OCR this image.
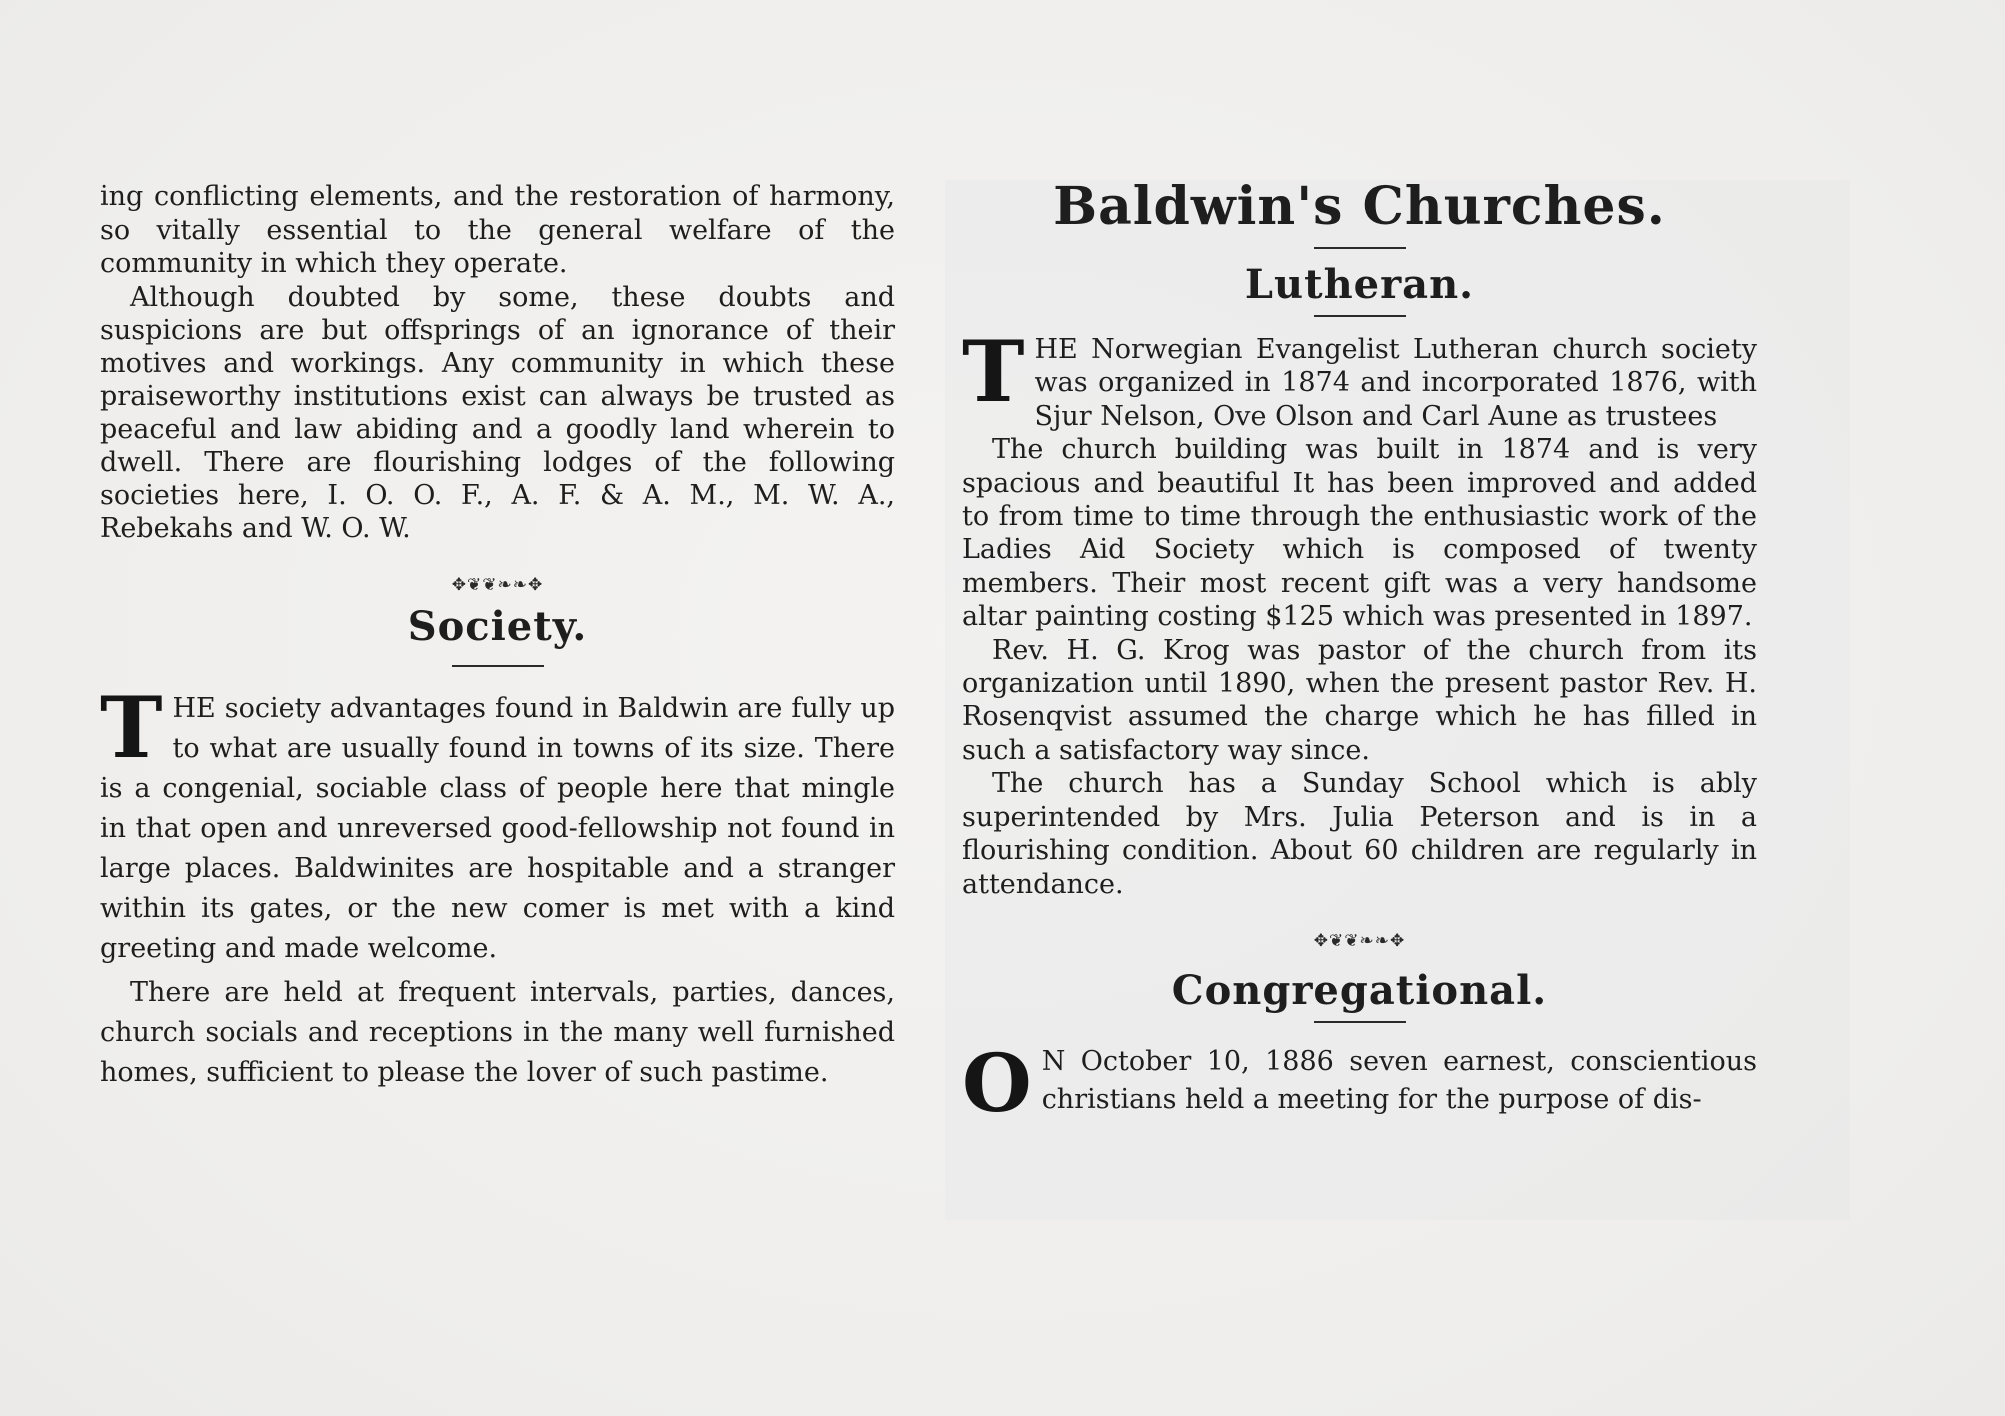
ing conflicting elements, and the restoration of harmony, so vitally essential to the general welfare of the community in which they operate.

Although doubted by some, these doubts and suspicions are but offsprings of an ignorance of their motives and workings. Any community in which these praiseworthy institutions exist can always be trusted as peaceful and law abiding and a goodly land wherein to dwell. There are flourishing lodges of the following societies here, I. O. O. F., A. F. & A. M., M. W. A., Rebekahs and W. O. W.

✥❦❦❧❧✥
Society.

THE society advantages found in Baldwin are fully up to what are usually found in towns of its size. There is a congenial, sociable class of people here that mingle in that open and unreversed good-fellowship not found in large places. Baldwinites are hospitable and a stranger within its gates, or the new comer is met with a kind greeting and made welcome.

There are held at frequent intervals, parties, dances, church socials and receptions in the many well furnished homes, sufficient to please the lover of such pastime.

Baldwin's Churches.
Lutheran.

THE Norwegian Evangelist Lutheran church society was organized in 1874 and incorporated 1876, with Sjur Nelson, Ove Olson and Carl Aune as trustees

The church building was built in 1874 and is very spacious and beautiful It has been improved and added to from time to time through the enthusiastic work of the Ladies Aid Society which is composed of twenty members. Their most recent gift was a very handsome altar painting costing $125 which was presented in 1897.

Rev. H. G. Krog was pastor of the church from its organization until 1890, when the present pastor Rev. H. Rosenqvist assumed the charge which he has filled in such a satisfactory way since.

The church has a Sunday School which is ably superintended by Mrs. Julia Peterson and is in a flourishing condition. About 60 children are regularly in attendance.

✥❦❦❧❧✥
Congregational.

O N October 10, 1886 seven earnest, conscientious christians held a meeting for the purpose of dis-
